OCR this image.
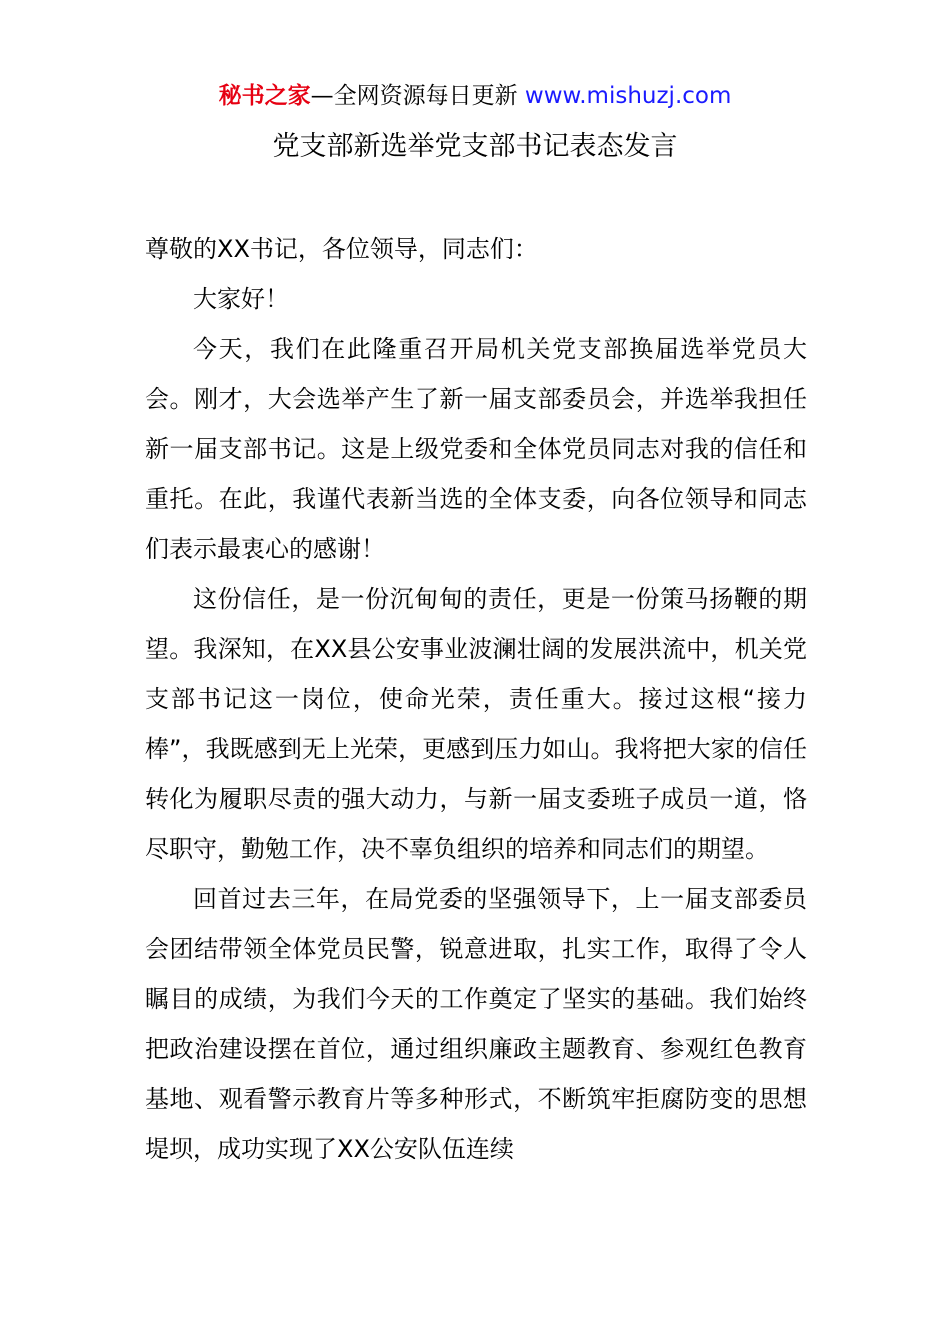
秘书之家—全网资源每日更新 www.mishuzj.com
党支部新选举党支部书记表态发言

尊敬的XX书记，各位领导，同志们：

大家好！

今天，我们在此隆重召开局机关党支部换届选举党员大会。刚才，大会选举产生了新一届支部委员会，并选举我担任新一届支部书记。这是上级党委和全体党员同志对我的信任和重托。在此，我谨代表新当选的全体支委，向各位领导和同志们表示最衷心的感谢！

这份信任，是一份沉甸甸的责任，更是一份策马扬鞭的期望。我深知，在XX县公安事业波澜壮阔的发展洪流中，机关党支部书记这一岗位，使命光荣，责任重大。接过这根“接力棒”，我既感到无上光荣，更感到压力如山。我将把大家的信任转化为履职尽责的强大动力，与新一届支委班子成员一道，恪尽职守，勤勉工作，决不辜负组织的培养和同志们的期望。

回首过去三年，在局党委的坚强领导下，上一届支部委员会团结带领全体党员民警，锐意进取，扎实工作，取得了令人瞩目的成绩，为我们今天的工作奠定了坚实的基础。我们始终把政治建设摆在首位，通过组织廉政主题教育、参观红色教育基地、观看警示教育片等多种形式，不断筑牢拒腐防变的思想堤坝，成功实现了XX公安队伍连续
